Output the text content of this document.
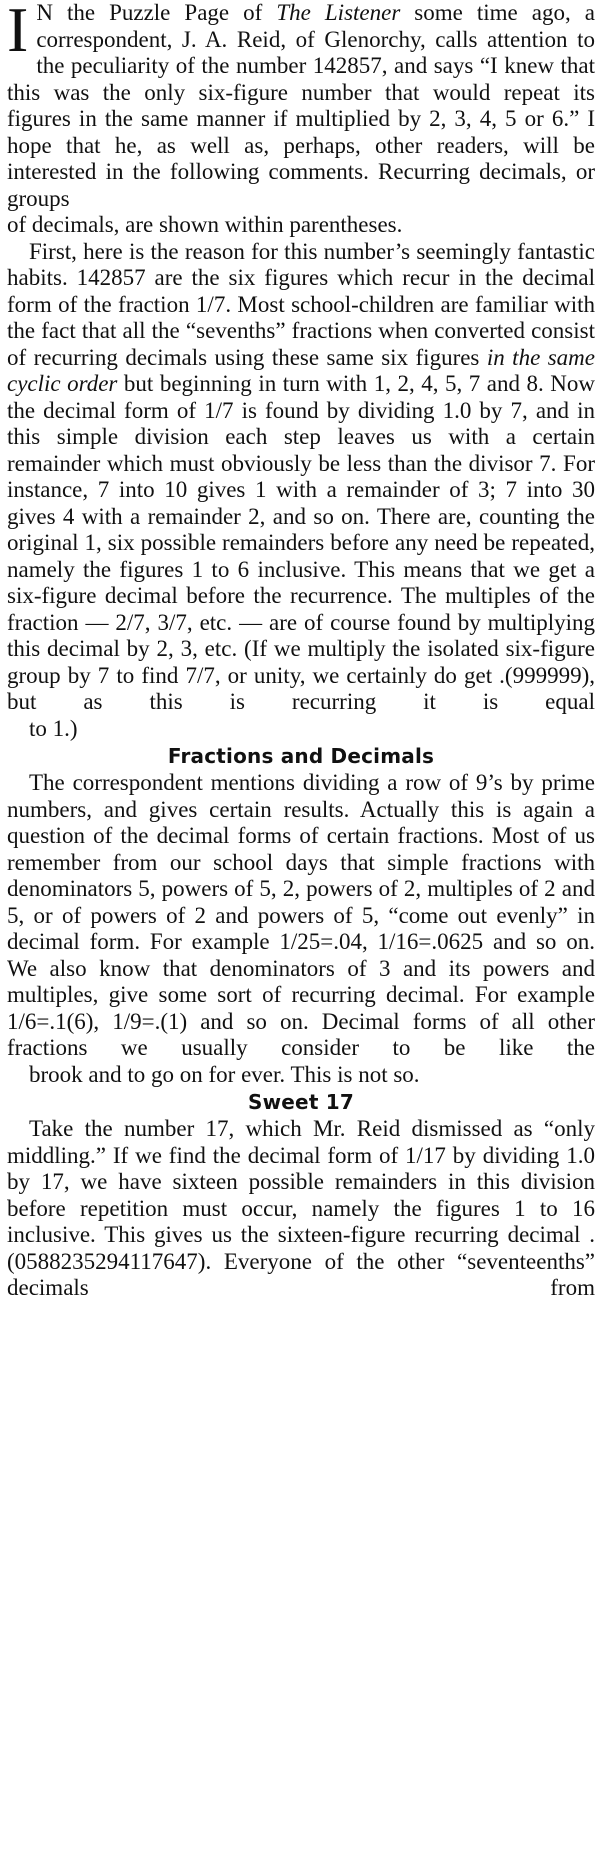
I N the Puzzle Page of The Listener some time ago, a correspondent, J. A. Reid, of Glenorchy, calls attention to the peculiarity of the number 142857, and says “I knew that this was the only six-figure number that would repeat its figures in the same manner if multiplied by 2, 3, 4, 5 or 6.” I hope that he, as well as, perhaps, other readers, will be interested in the following comments. Recurring decimals, or groups
of decimals, are shown within parentheses.

First, here is the reason for this number’s seemingly fantastic habits. 142857 are the six figures which recur in the decimal form of the fraction 1/7. Most school-children are familiar with the fact that all the “sevenths” fractions when converted consist of recurring decimals using these same six figures in the same cyclic order but beginning in turn with 1, 2, 4, 5, 7 and 8. Now the decimal form of 1/7 is found by dividing 1.0 by 7, and in this simple division each step leaves us with a certain remainder which must obviously be less than the divisor 7. For instance, 7 into 10 gives 1 with a remainder of 3; 7 into 30 gives 4 with a remainder 2, and so on. There are, counting the original 1, six possible remainders before any need be repeated, namely the figures 1 to 6 inclusive. This means that we get a six-figure decimal before the recurrence. The multiples of the fraction — 2/7, 3/7, etc. — are of course found by multiplying this decimal by 2, 3, etc. (If we multiply the isolated six-figure group by 7 to find 7/7, or unity, we certainly do get .(999999), but as this is recurring it is equal
to 1.)

Fractions and Decimals

The correspondent mentions dividing a row of 9’s by prime numbers, and gives certain results. Actually this is again a question of the decimal forms of certain fractions. Most of us remember from our school days that simple fractions with denominators 5, powers of 5, 2, powers of 2, multiples of 2 and 5, or of powers of 2 and powers of 5, “come out evenly” in decimal form. For example 1/25=.04, 1/16=.0625 and so on. We also know that denominators of 3 and its powers and multiples, give some sort of recurring decimal. For example 1/6=.1(6), 1/9=.(1) and so on. Decimal forms of all other fractions we usually consider to be like the
brook and to go on for ever. This is not so.

Sweet 17

Take the number 17, which Mr. Reid dismissed as “only middling.” If we find the decimal form of 1/17 by dividing 1.0 by 17, we have sixteen possible remainders in this division before repetition must occur, namely the figures 1 to 16 inclusive. This gives us the sixteen-figure recurring decimal .(0588235294117647). Everyone of the other “seventeenths” decimals from
